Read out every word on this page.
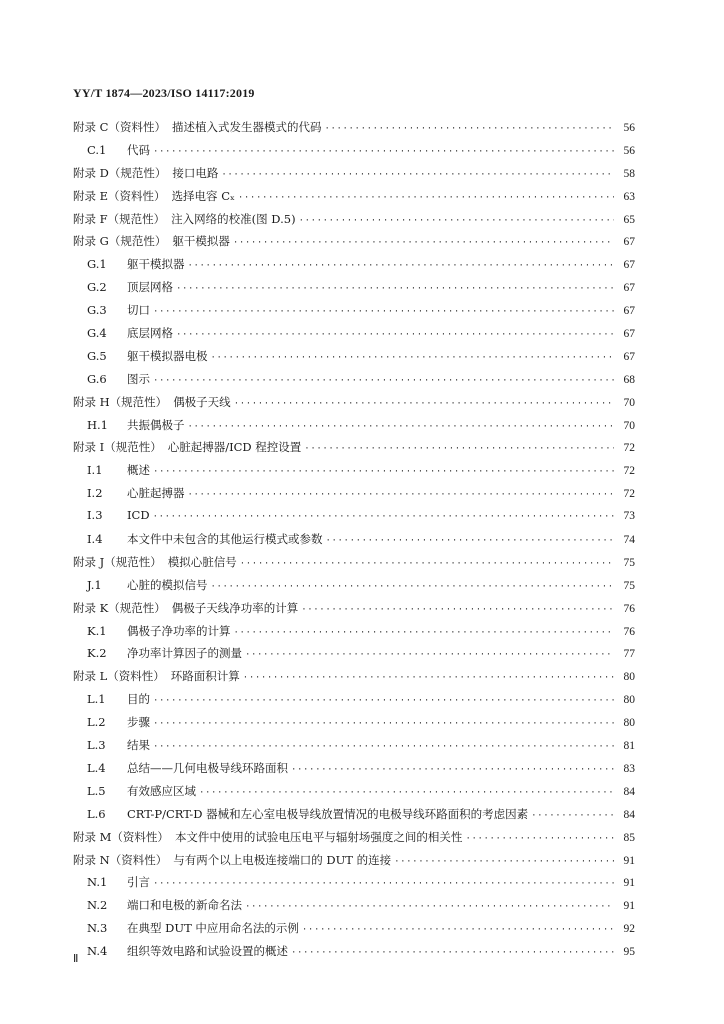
YY/T 1874—2023/ISO 14117:2019
附录 C（资料性） 描述植入式发生器模式的代码 ·····	56
C.1 代码 ·····	56
附录 D（规范性） 接口电路 ·····	58
附录 E（资料性） 选择电容 Cₓ ·····	63
附录 F（规范性） 注入网络的校准(图 D.5) ·····	65
附录 G（规范性） 躯干模拟器 ·····	67
G.1 躯干模拟器 ·····	67
G.2 顶层网格 ·····	67
G.3 切口 ·····	67
G.4 底层网格 ·····	67
G.5 躯干模拟器电极 ·····	67
G.6 图示 ·····	68
附录 H（规范性） 偶极子天线 ·····	70
H.1 共振偶极子 ·····	70
附录 I（规范性） 心脏起搏器/ICD 程控设置 ·····	72
I.1 概述 ·····	72
I.2 心脏起搏器 ·····	72
I.3 ICD ·····	73
I.4 本文件中未包含的其他运行模式或参数 ·····	74
附录 J（规范性） 模拟心脏信号 ·····	75
J.1 心脏的模拟信号 ·····	75
附录 K（规范性） 偶极子天线净功率的计算 ·····	76
K.1 偶极子净功率的计算 ·····	76
K.2 净功率计算因子的测量 ·····	77
附录 L（资料性） 环路面积计算 ·····	80
L.1 目的 ·····	80
L.2 步骤 ·····	80
L.3 结果 ·····	81
L.4 总结——几何电极导线环路面积 ·····	83
L.5 有效感应区域 ·····	84
L.6 CRT-P/CRT-D 器械和左心室电极导线放置情况的电极导线环路面积的考虑因素 ·····	84
附录 M（资料性） 本文件中使用的试验电压电平与辐射场强度之间的相关性 ·····	85
附录 N（资料性） 与有两个以上电极连接端口的 DUT 的连接 ·····	91
N.1 引言 ·····	91
N.2 端口和电极的新命名法 ·····	91
N.3 在典型 DUT 中应用命名法的示例 ·····	92
N.4 组织等效电路和试验设置的概述 ·····	95
Ⅱ
